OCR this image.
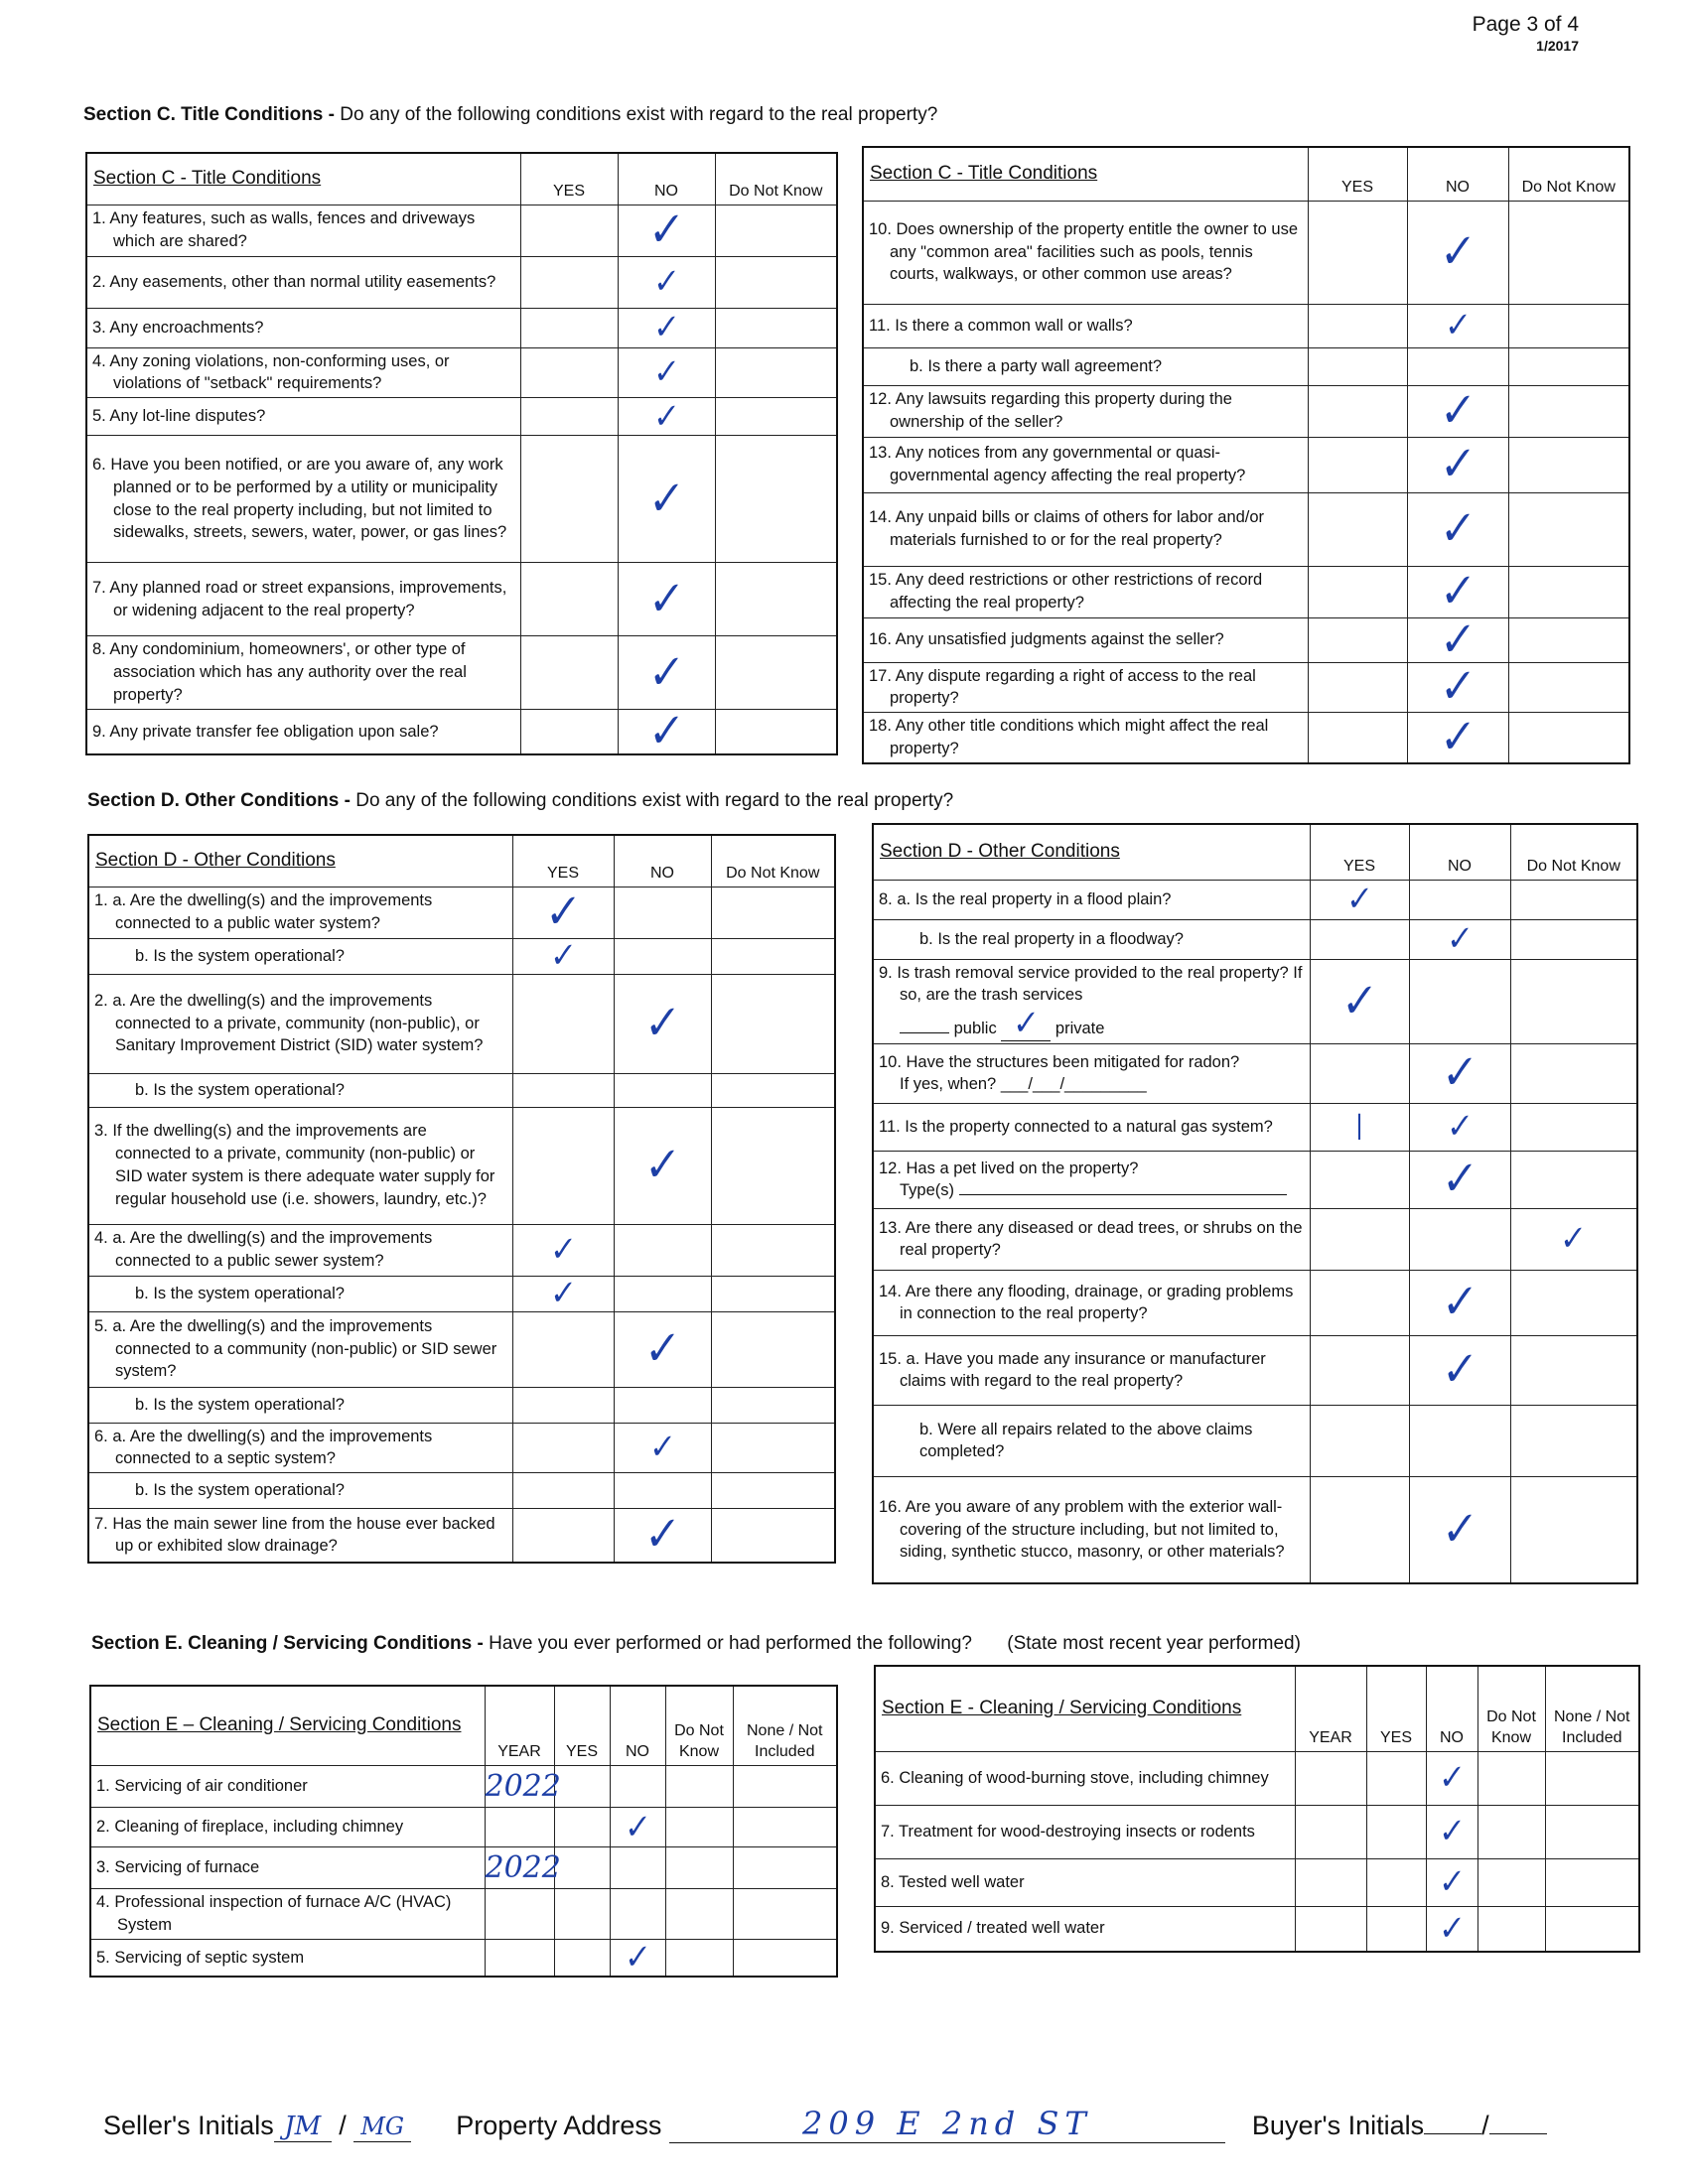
Page 3 of 4
1/2017
Section C. Title Conditions - Do any of the following conditions exist with regard to the real property?
Section C - Title Conditions	YES	NO	Do Not Know
1. Any features, such as walls, fences and driveways which are shared?		✓	
2. Any easements, other than normal utility easements?		✓	
3. Any encroachments?		✓	
4. Any zoning violations, non-conforming uses, or violations of "setback" requirements?		✓	
5. Any lot-line disputes?		✓	
6. Have you been notified, or are you aware of, any work planned or to be performed by a utility or municipality close to the real property including, but not limited to sidewalks, streets, sewers, water, power, or gas lines?		✓	
7. Any planned road or street expansions, improvements, or widening adjacent to the real property?		✓	
8. Any condominium, homeowners', or other type of association which has any authority over the real property?		✓	
9. Any private transfer fee obligation upon sale?		✓	
Section C - Title Conditions	YES	NO	Do Not Know
10. Does ownership of the property entitle the owner to use any "common area" facilities such as pools, tennis courts, walkways, or other common use areas?		✓	
11. Is there a common wall or walls?		✓	
b. Is there a party wall agreement?			
12. Any lawsuits regarding this property during the ownership of the seller?		✓	
13. Any notices from any governmental or quasi-governmental agency affecting the real property?		✓	
14. Any unpaid bills or claims of others for labor and/or materials furnished to or for the real property?		✓	
15. Any deed restrictions or other restrictions of record affecting the real property?		✓	
16. Any unsatisfied judgments against the seller?		✓	
17. Any dispute regarding a right of access to the real property?		✓	
18. Any other title conditions which might affect the real property?		✓	
Section D. Other Conditions - Do any of the following conditions exist with regard to the real property?
Section D - Other Conditions	YES	NO	Do Not Know
1. a. Are the dwelling(s) and the improvements connected to a public water system?	✓		
b. Is the system operational?	✓		
2. a. Are the dwelling(s) and the improvements connected to a private, community (non-public), or Sanitary Improvement District (SID) water system?		✓	
b. Is the system operational?			
3. If the dwelling(s) and the improvements are connected to a private, community (non-public) or SID water system is there adequate water supply for regular household use (i.e. showers, laundry, etc.)?		✓	
4. a. Are the dwelling(s) and the improvements connected to a public sewer system?	✓		
b. Is the system operational?	✓		
5. a. Are the dwelling(s) and the improvements connected to a community (non-public) or SID sewer system?		✓	
b. Is the system operational?			
6. a. Are the dwelling(s) and the improvements connected to a septic system?		✓	
b. Is the system operational?			
7. Has the main sewer line from the house ever backed up or exhibited slow drainage?		✓	
Section D - Other Conditions	YES	NO	Do Not Know
8. a. Is the real property in a flood plain?	✓		
b. Is the real property in a floodway?		✓	
9. Is trash removal service provided to the real property? If so, are the trash services
public ✓ private	✓		
10. Have the structures been mitigated for radon?
If yes, when? ___/___/_________		✓	
11. Is the property connected to a natural gas system?	|	✓	
12. Has a pet lived on the property?
Type(s)		✓	
13. Are there any diseased or dead trees, or shrubs on the real property?			✓
14. Are there any flooding, drainage, or grading problems in connection to the real property?		✓	
15. a. Have you made any insurance or manufacturer claims with regard to the real property?		✓	
b. Were all repairs related to the above claims completed?			
16. Are you aware of any problem with the exterior wall-covering of the structure including, but not limited to, siding, synthetic stucco, masonry, or other materials?		✓	
Section E. Cleaning / Servicing Conditions - Have you ever performed or had performed the following? (State most recent year performed)
Section E – Cleaning / Servicing Conditions	YEAR	YES	NO	Do Not Know	None / Not Included
1. Servicing of air conditioner	2022				
2. Cleaning of fireplace, including chimney			✓		
3. Servicing of furnace	2022				
4. Professional inspection of furnace A/C (HVAC) System					
5. Servicing of septic system			✓		
Section E - Cleaning / Servicing Conditions	YEAR	YES	NO	Do Not Know	None / Not Included
6. Cleaning of wood-burning stove, including chimney			✓		
7. Treatment for wood-destroying insects or rodents			✓		
8. Tested well water			✓		
9. Serviced / treated well water			✓		
Seller's Initials JM / MG Property Address	209 E 2nd ST	Buyer's Initials /
